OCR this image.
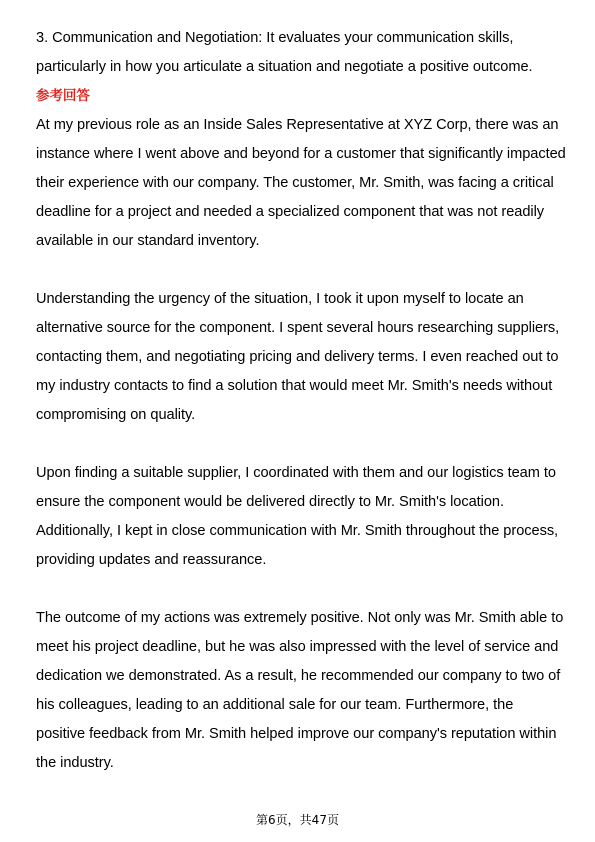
3. Communication and Negotiation: It evaluates your communication skills, particularly in how you articulate a situation and negotiate a positive outcome.

参考回答

At my previous role as an Inside Sales Representative at XYZ Corp, there was an instance where I went above and beyond for a customer that significantly impacted their experience with our company. The customer, Mr. Smith, was facing a critical deadline for a project and needed a specialized component that was not readily available in our standard inventory.

Understanding the urgency of the situation, I took it upon myself to locate an alternative source for the component. I spent several hours researching suppliers, contacting them, and negotiating pricing and delivery terms. I even reached out to my industry contacts to find a solution that would meet Mr. Smith's needs without compromising on quality.

Upon finding a suitable supplier, I coordinated with them and our logistics team to ensure the component would be delivered directly to Mr. Smith's location. Additionally, I kept in close communication with Mr. Smith throughout the process, providing updates and reassurance.

The outcome of my actions was extremely positive. Not only was Mr. Smith able to meet his project deadline, but he was also impressed with the level of service and dedication we demonstrated. As a result, he recommended our company to two of his colleagues, leading to an additional sale for our team. Furthermore, the positive feedback from Mr. Smith helped improve our company's reputation within the industry.

第6页，共47页
